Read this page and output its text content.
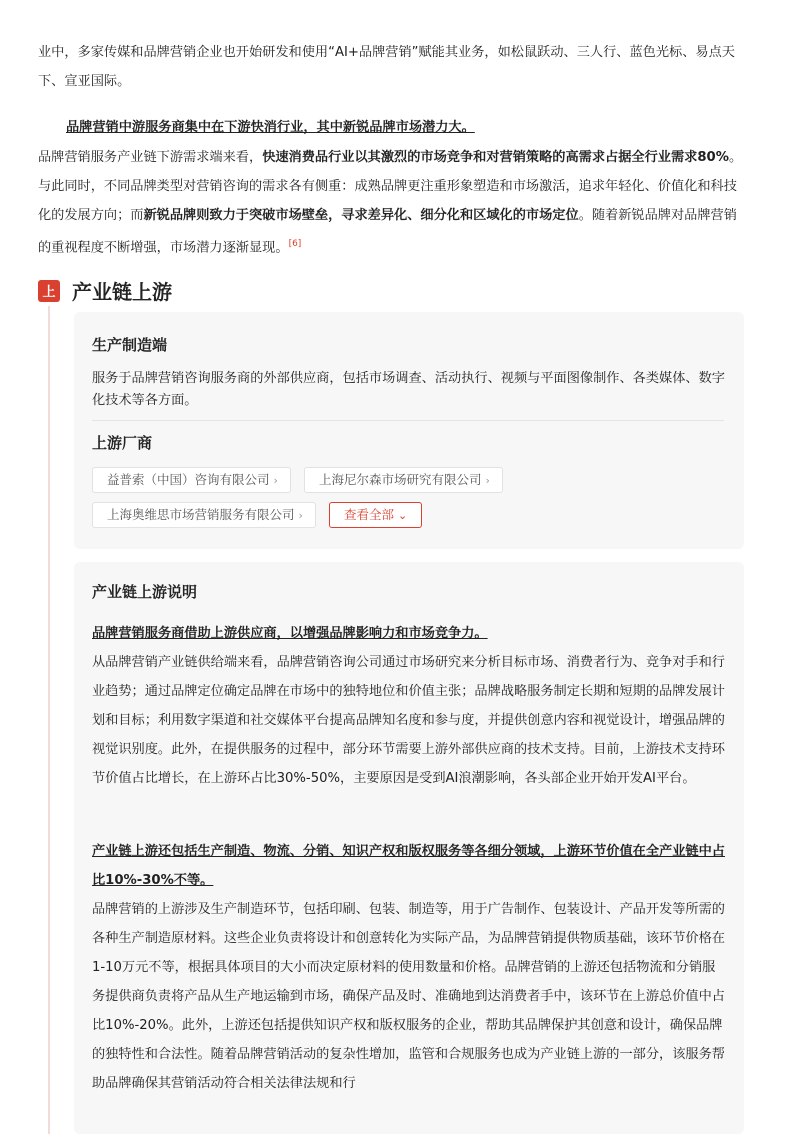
业中，多家传媒和品牌营销企业也开始研发和使用“AI+品牌营销”赋能其业务，如松鼠跃动、三人行、蓝色光标、易点天下、宣亚国际。

品牌营销中游服务商集中在下游快消行业，其中新锐品牌市场潜力大。

品牌营销服务产业链下游需求端来看，快速消费品行业以其激烈的市场竞争和对营销策略的高需求占据全行业需求80%。与此同时，不同品牌类型对营销咨询的需求各有侧重：成熟品牌更注重形象塑造和市场激活，追求年轻化、价值化和科技化的发展方向；而新锐品牌则致力于突破市场壁垒，寻求差异化、细分化和区域化的市场定位。随着新锐品牌对品牌营销的重视程度不断增强，市场潜力逐渐显现。[6]

上 产业链上游

生产制造端

服务于品牌营销咨询服务商的外部供应商，包括市场调查、活动执行、视频与平面图像制作、各类媒体、数字化技术等各方面。

上游厂商

益普索（中国）咨询有限公司 ›	上海尼尔森市场研究有限公司 ›
上海奥维思市场营销服务有限公司 ›	查看全部 ⌄

产业链上游说明

品牌营销服务商借助上游供应商，以增强品牌影响力和市场竞争力。

从品牌营销产业链供给端来看，品牌营销咨询公司通过市场研究来分析目标市场、消费者行为、竞争对手和行业趋势；通过品牌定位确定品牌在市场中的独特地位和价值主张；品牌战略服务制定长期和短期的品牌发展计划和目标；利用数字渠道和社交媒体平台提高品牌知名度和参与度，并提供创意内容和视觉设计，增强品牌的视觉识别度。此外，在提供服务的过程中，部分环节需要上游外部供应商的技术支持。目前，上游技术支持环节价值占比增长，在上游环占比30%-50%，主要原因是受到AI浪潮影响，各头部企业开始开发AI平台。

产业链上游还包括生产制造、物流、分销、知识产权和版权服务等各细分领域，上游环节价值在全产业链中占比10%-30%不等。

品牌营销的上游涉及生产制造环节，包括印刷、包装、制造等，用于广告制作、包装设计、产品开发等所需的各种生产制造原材料。这些企业负责将设计和创意转化为实际产品，为品牌营销提供物质基础，该环节价格在1-10万元不等，根据具体项目的大小而决定原材料的使用数量和价格。品牌营销的上游还包括物流和分销服务提供商负责将产品从生产地运输到市场，确保产品及时、准确地到达消费者手中，该环节在上游总价值中占比10%-20%。此外，上游还包括提供知识产权和版权服务的企业，帮助其品牌保护其创意和设计，确保品牌的独特性和合法性。随着品牌营销活动的复杂性增加，监管和合规服务也成为产业链上游的一部分，该服务帮助品牌确保其营销活动符合相关法律法规和行
